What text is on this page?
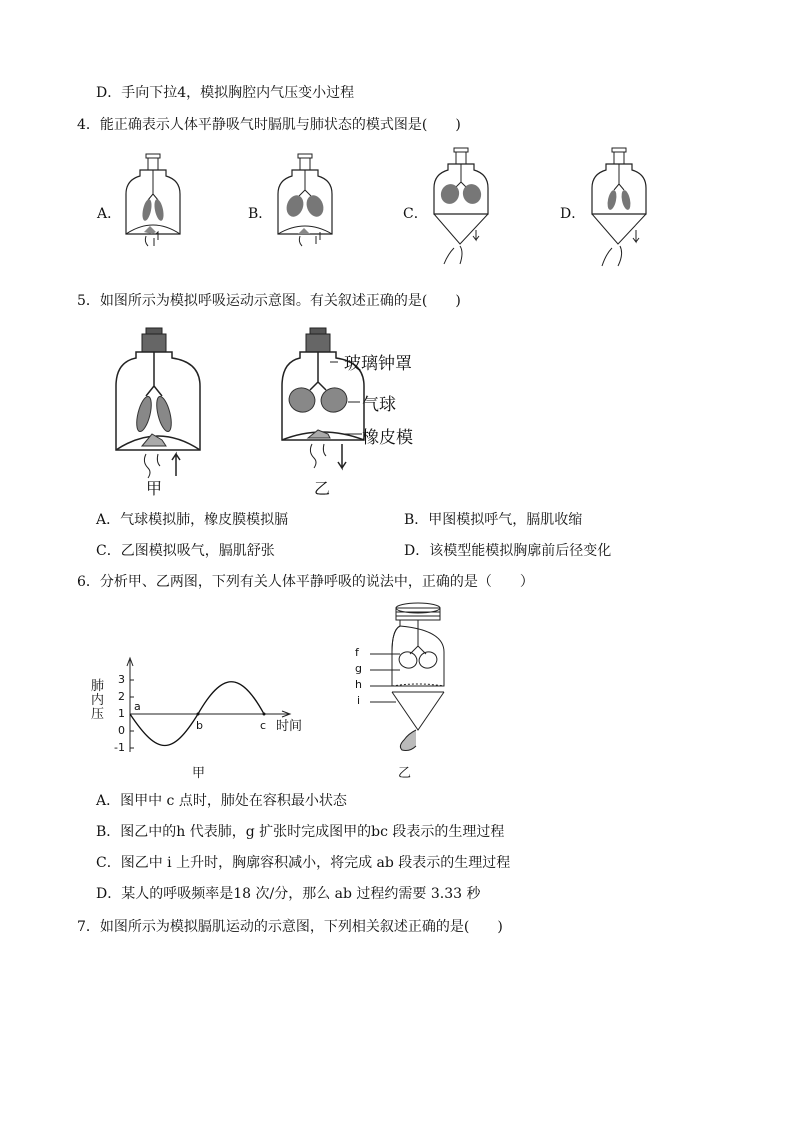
D．手向下拉4，模拟胸腔内气压变小过程
4．能正确表示人体平静吸气时膈肌与肺状态的模式图是(　　)
A．	B．	C．	D．
5．如图所示为模拟呼吸运动示意图。有关叙述正确的是(　　)
甲	乙
玻璃钟罩
气球
橡皮模
A．气球模拟肺，橡皮膜模拟膈	B．甲图模拟呼气，膈肌收缩
C．乙图模拟吸气，膈肌舒张	D．该模型能模拟胸廓前后径变化
6．分析甲、乙两图，下列有关人体平静呼吸的说法中，正确的是（　　）
肺
内
压
3
2
1
0
-1
a
b	c 时间
甲
f
g
h
i
乙
A．图甲中 c 点时，肺处在容积最小状态
B．图乙中的h 代表肺，g 扩张时完成图甲的bc 段表示的生理过程
C．图乙中 i 上升时，胸廓容积减小，将完成 ab 段表示的生理过程
D．某人的呼吸频率是18 次/分，那么 ab 过程约需要 3.33 秒
7．如图所示为模拟膈肌运动的示意图，下列相关叙述正确的是(　　)
